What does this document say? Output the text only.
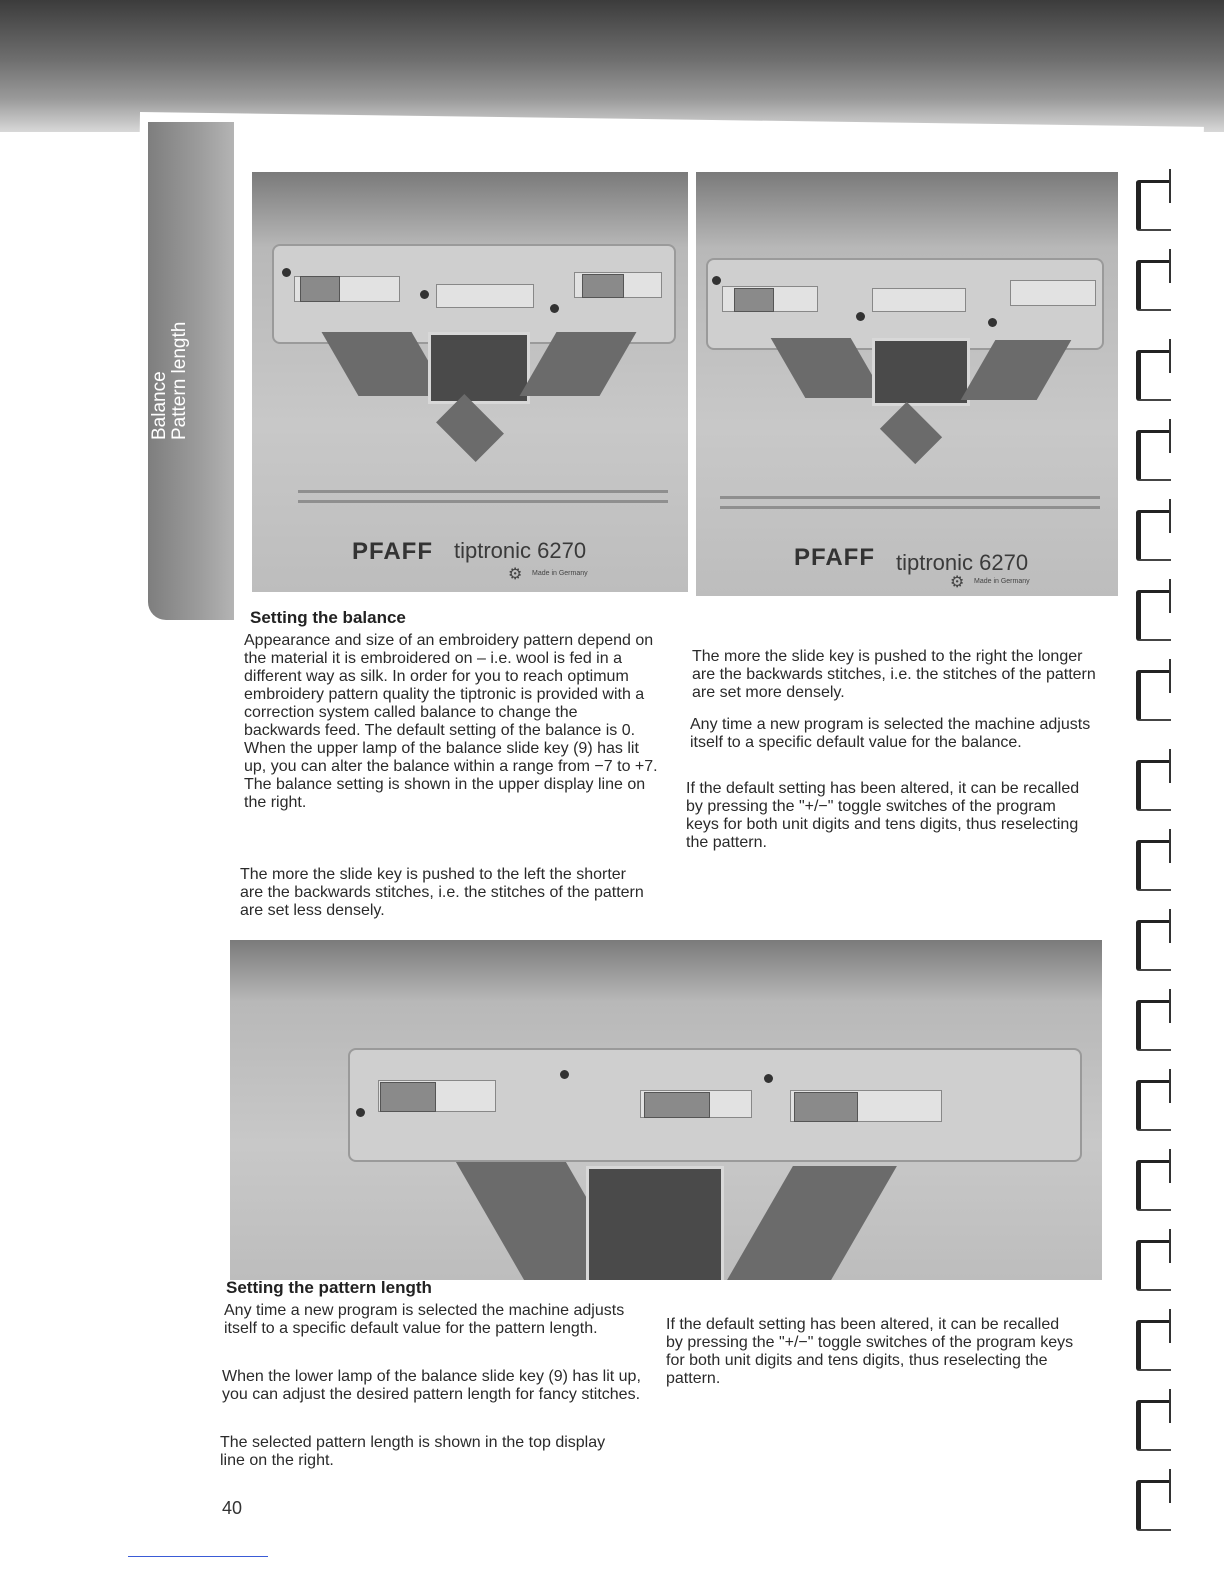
Balance Pattern length
PFAFF tiptronic 6270
⚙ Made in Germany
PFAFF tiptronic 6270
⚙ Made in Germany
Setting the balance

Appearance and size of an embroidery pattern depend on the material it is embroidered on – i.e. wool is fed in a different way as silk. In order for you to reach optimum embroidery pattern quality the tiptronic is provided with a correction system called balance to change the backwards feed. The default setting of the balance is 0. When the upper lamp of the balance slide key (9) has lit up, you can alter the balance within a range from −7 to +7. The balance setting is shown in the upper display line on the right.

The more the slide key is pushed to the left the shorter are the backwards stitches, i.e. the stitches of the pattern are set less densely.

The more the slide key is pushed to the right the longer are the backwards stitches, i.e. the stitches of the pattern are set more densely.

Any time a new program is selected the machine adjusts itself to a specific default value for the balance.

If the default setting has been altered, it can be recalled by pressing the "+/−" toggle switches of the program keys for both unit digits and tens digits, thus reselecting the pattern.

Setting the pattern length

Any time a new program is selected the machine adjusts itself to a specific default value for the pattern length.

When the lower lamp of the balance slide key (9) has lit up, you can adjust the desired pattern length for fancy stitches.

The selected pattern length is shown in the top display line on the right.

If the default setting has been altered, it can be recalled by pressing the "+/−" toggle switches of the program keys for both unit digits and tens digits, thus reselecting the pattern.

40
